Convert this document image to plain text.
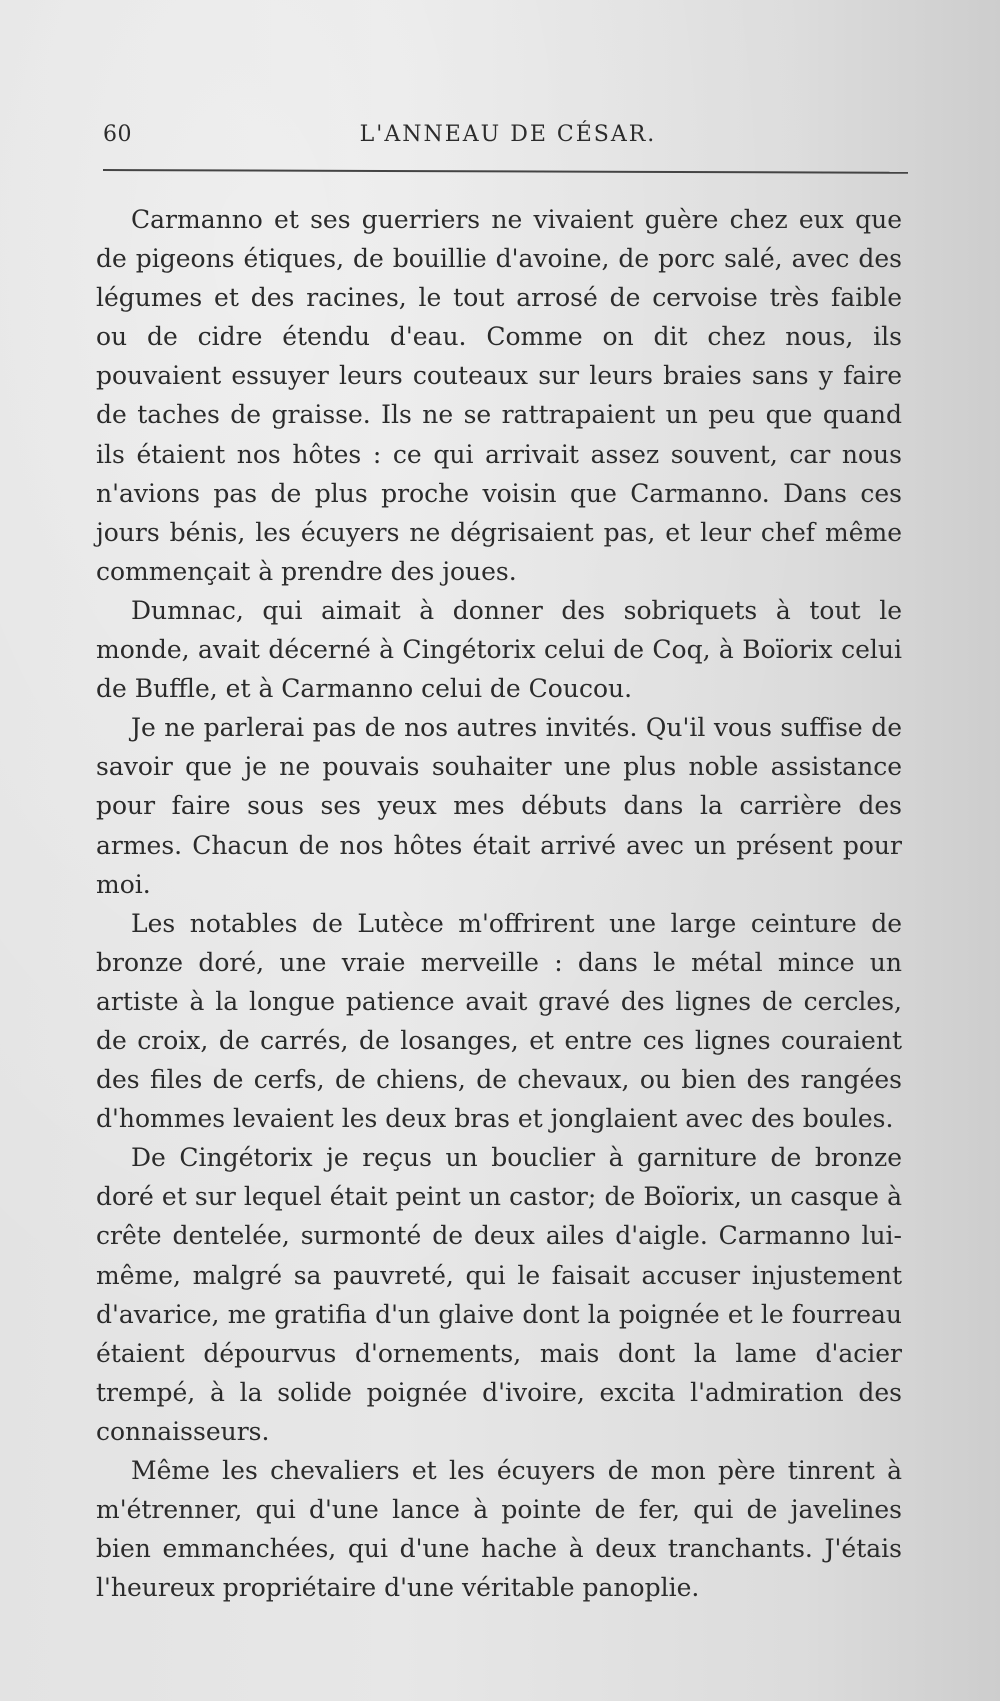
60	L'ANNEAU DE CÉSAR.

Carmanno et ses guerriers ne vivaient guère chez eux que de pigeons étiques, de bouillie d'avoine, de porc salé, avec des légumes et des racines, le tout arrosé de cervoise très faible ou de cidre étendu d'eau. Comme on dit chez nous, ils pouvaient essuyer leurs couteaux sur leurs braies sans y faire de taches de graisse. Ils ne se rattrapaient un peu que quand ils étaient nos hôtes : ce qui arrivait assez souvent, car nous n'avions pas de plus proche voisin que Carmanno. Dans ces jours bénis, les écuyers ne dégrisaient pas, et leur chef même commençait à prendre des joues.

Dumnac, qui aimait à donner des sobriquets à tout le monde, avait décerné à Cingétorix celui de Coq, à Boïorix celui de Buffle, et à Carmanno celui de Coucou.

Je ne parlerai pas de nos autres invités. Qu'il vous suffise de savoir que je ne pouvais souhaiter une plus noble assistance pour faire sous ses yeux mes débuts dans la carrière des armes. Chacun de nos hôtes était arrivé avec un présent pour moi.

Les notables de Lutèce m'offrirent une large ceinture de bronze doré, une vraie merveille : dans le métal mince un artiste à la longue patience avait gravé des lignes de cercles, de croix, de carrés, de losanges, et entre ces lignes couraient des files de cerfs, de chiens, de chevaux, ou bien des rangées d'hommes levaient les deux bras et jonglaient avec des boules.

De Cingétorix je reçus un bouclier à garniture de bronze doré et sur lequel était peint un castor; de Boïorix, un casque à crête dentelée, surmonté de deux ailes d'aigle. Carmanno lui-même, malgré sa pauvreté, qui le faisait accuser injustement d'avarice, me gratifia d'un glaive dont la poignée et le fourreau étaient dépourvus d'ornements, mais dont la lame d'acier trempé, à la solide poignée d'ivoire, excita l'admiration des connaisseurs.

Même les chevaliers et les écuyers de mon père tinrent à m'étrenner, qui d'une lance à pointe de fer, qui de javelines bien emmanchées, qui d'une hache à deux tranchants. J'étais l'heureux propriétaire d'une véritable panoplie.
